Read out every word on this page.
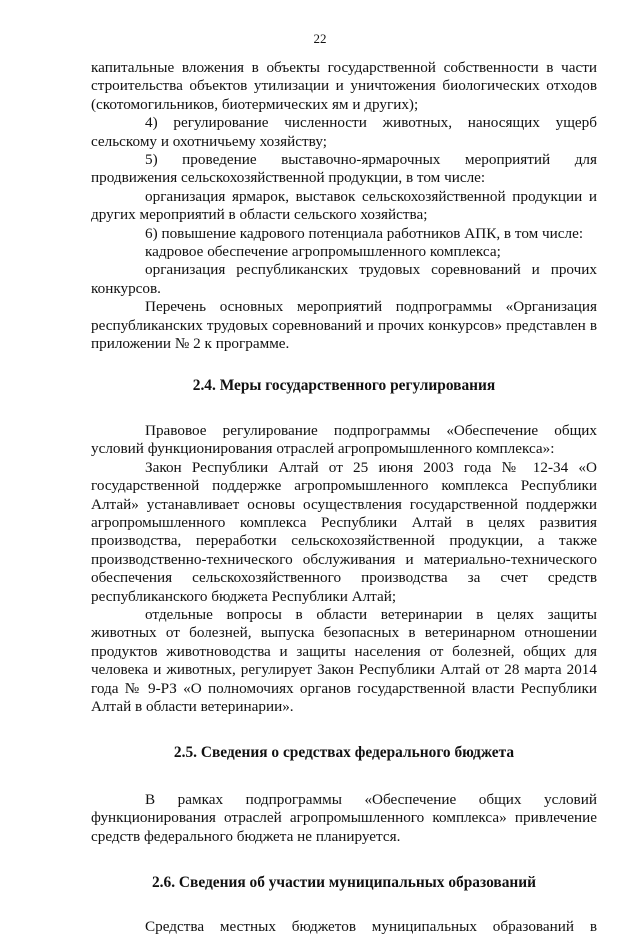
22

капитальные вложения в объекты государственной собственности в части строительства объектов утилизации и уничтожения биологических отходов (скотомогильников, биотермических ям и других);

4) регулирование численности животных, наносящих ущерб сельскому и охотничьему хозяйству;

5) проведение выставочно-ярмарочных мероприятий для продвижения сельскохозяйственной продукции, в том числе:

организация ярмарок, выставок сельскохозяйственной продукции и других мероприятий в области сельского хозяйства;

6) повышение кадрового потенциала работников АПК, в том числе:

кадровое обеспечение агропромышленного комплекса;

организация республиканских трудовых соревнований и прочих конкурсов.

Перечень основных мероприятий подпрограммы «Организация республиканских трудовых соревнований и прочих конкурсов» представлен в приложении № 2 к программе.

2.4. Меры государственного регулирования

Правовое регулирование подпрограммы «Обеспечение общих условий функционирования отраслей агропромышленного комплекса»:

Закон Республики Алтай от 25 июня 2003 года № 12-34 «О государственной поддержке агропромышленного комплекса Республики Алтай» устанавливает основы осуществления государственной поддержки агропромышленного комплекса Республики Алтай в целях развития производства, переработки сельскохозяйственной продукции, а также производственно-технического обслуживания и материально-технического обеспечения сельскохозяйственного производства за счет средств республиканского бюджета Республики Алтай;

отдельные вопросы в области ветеринарии в целях защиты животных от болезней, выпуска безопасных в ветеринарном отношении продуктов животноводства и защиты населения от болезней, общих для человека и животных, регулирует Закон Республики Алтай от 28 марта 2014 года № 9-РЗ «О полномочиях органов государственной власти Республики Алтай в области ветеринарии».

2.5. Сведения о средствах федерального бюджета

В рамках подпрограммы «Обеспечение общих условий функционирования отраслей агропромышленного комплекса» привлечение средств федерального бюджета не планируется.

2.6. Сведения об участии муниципальных образований

Средства местных бюджетов муниципальных образований в
